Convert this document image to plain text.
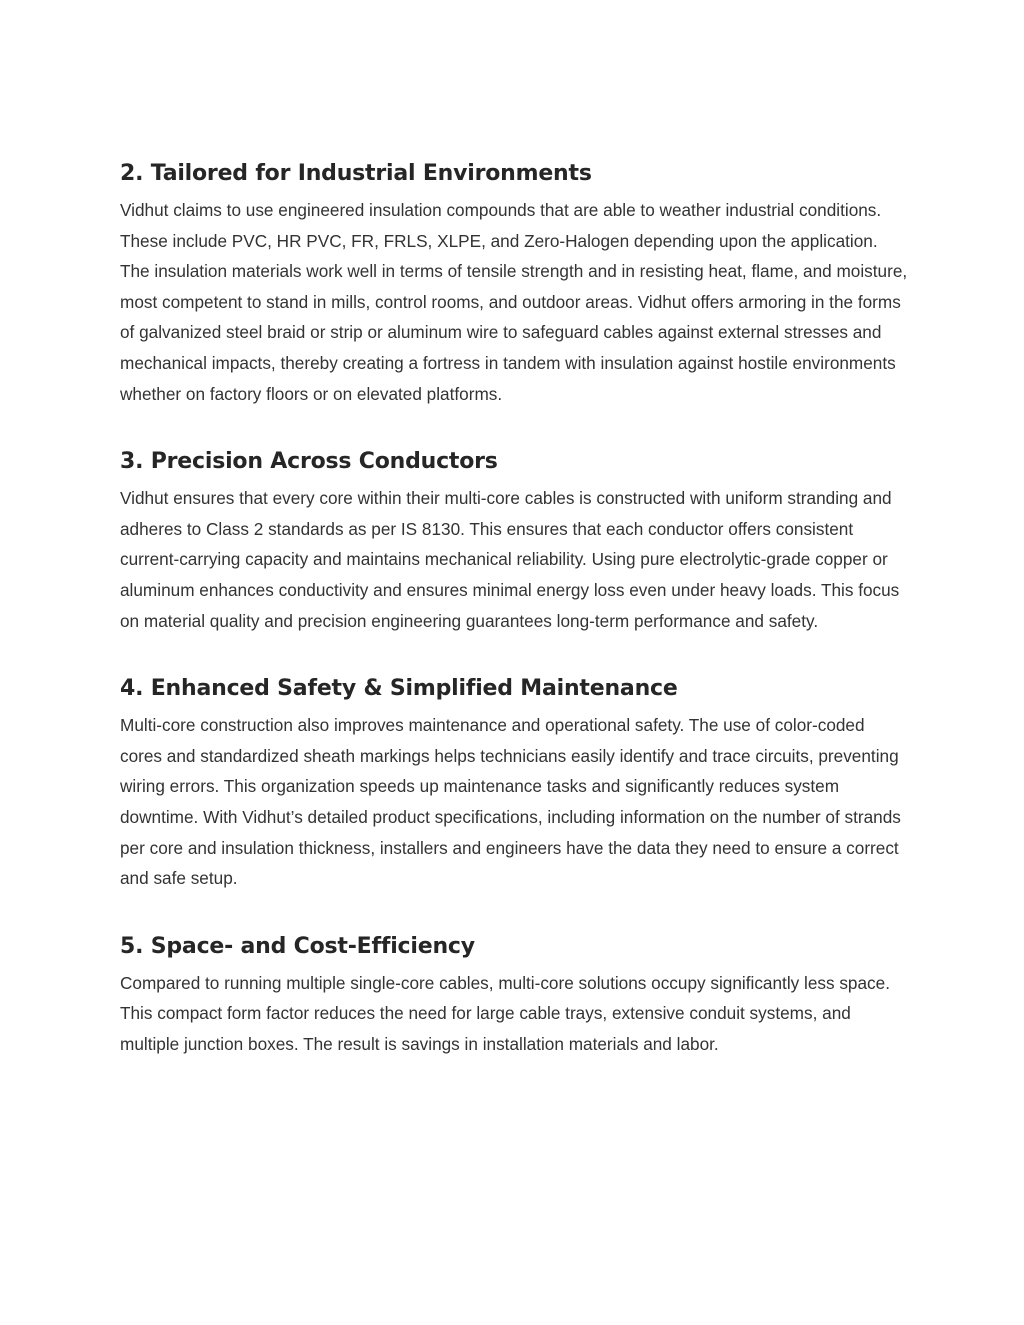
2. Tailored for Industrial Environments

Vidhut claims to use engineered insulation compounds that are able to weather industrial conditions. These include PVC, HR PVC, FR, FRLS, XLPE, and Zero-Halogen depending upon the application. The insulation materials work well in terms of tensile strength and in resisting heat, flame, and moisture, most competent to stand in mills, control rooms, and outdoor areas. Vidhut offers armoring in the forms of galvanized steel braid or strip or aluminum wire to safeguard cables against external stresses and mechanical impacts, thereby creating a fortress in tandem with insulation against hostile environments whether on factory floors or on elevated platforms.

3. Precision Across Conductors

Vidhut ensures that every core within their multi-core cables is constructed with uniform stranding and adheres to Class 2 standards as per IS 8130. This ensures that each conductor offers consistent current-carrying capacity and maintains mechanical reliability. Using pure electrolytic-grade copper or aluminum enhances conductivity and ensures minimal energy loss even under heavy loads. This focus on material quality and precision engineering guarantees long-term performance and safety.

4. Enhanced Safety & Simplified Maintenance

Multi-core construction also improves maintenance and operational safety. The use of color-coded cores and standardized sheath markings helps technicians easily identify and trace circuits, preventing wiring errors. This organization speeds up maintenance tasks and significantly reduces system downtime. With Vidhut’s detailed product specifications, including information on the number of strands per core and insulation thickness, installers and engineers have the data they need to ensure a correct and safe setup.

5. Space- and Cost-Efficiency

Compared to running multiple single-core cables, multi-core solutions occupy significantly less space. This compact form factor reduces the need for large cable trays, extensive conduit systems, and multiple junction boxes. The result is savings in installation materials and labor.
